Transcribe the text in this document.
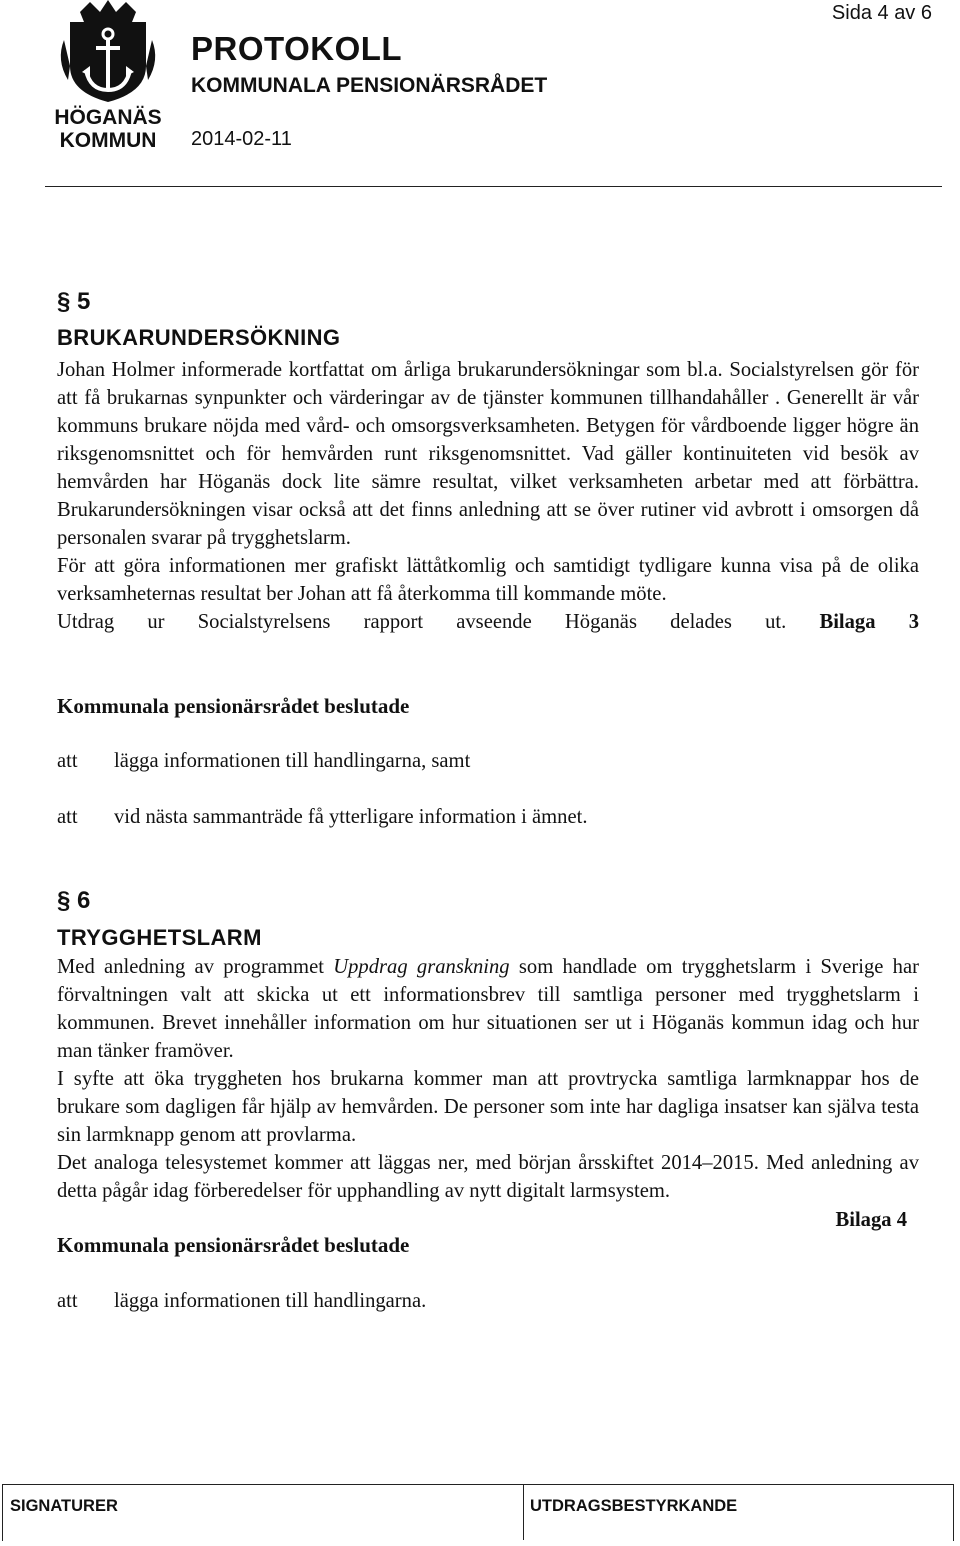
HÖGANÄS
KOMMUN
Sida 4 av 6
PROTOKOLL
KOMMUNALA PENSIONÄRSRÅDET
2014-02-11
§ 5
BRUKARUNDERSÖKNING

Johan Holmer informerade kortfattat om årliga brukarundersökningar som bl.a. Socialstyrelsen gör för att få brukarnas synpunkter och värderingar av de tjänster kommunen tillhandahåller . Generellt är vår kommuns brukare nöjda med vård- och omsorgsverksamheten. Betygen för vårdboende ligger högre än riksgenomsnittet och för hemvården runt riksgenomsnittet. Vad gäller kontinuiteten vid besök av hemvården har Höganäs dock lite sämre resultat, vilket verksamheten arbetar med att förbättra. Brukarundersökningen visar också att det finns anledning att se över rutiner vid avbrott i omsorgen då personalen svarar på trygghetslarm.

För att göra informationen mer grafiskt lättåtkomlig och samtidigt tydligare kunna visa på de olika verksamheternas resultat ber Johan att få återkomma till kommande möte.

Utdrag ur Socialstyrelsens rapport avseende Höganäs delades ut. Bilaga 3

Kommunala pensionärsrådet beslutade
att lägga informationen till handlingarna, samt
att vid nästa sammanträde få ytterligare information i ämnet.
§ 6
TRYGGHETSLARM

Med anledning av programmet Uppdrag granskning som handlade om trygghetslarm i Sverige har förvaltningen valt att skicka ut ett informationsbrev till samtliga personer med trygghetslarm i kommunen. Brevet innehåller information om hur situationen ser ut i Höganäs kommun idag och hur man tänker framöver.

I syfte att öka tryggheten hos brukarna kommer man att provtrycka samtliga larmknappar hos de brukare som dagligen får hjälp av hemvården. De personer som inte har dagliga insatser kan själva testa sin larmknapp genom att provlarma.

Det analoga telesystemet kommer att läggas ner, med början årsskiftet 2014–2015. Med anledning av detta pågår idag förberedelser för upphandling av nytt digitalt larmsystem.

Bilaga 4
Kommunala pensionärsrådet beslutade
att lägga informationen till handlingarna.
SIGNATURER	UTDRAGSBESTYRKANDE
